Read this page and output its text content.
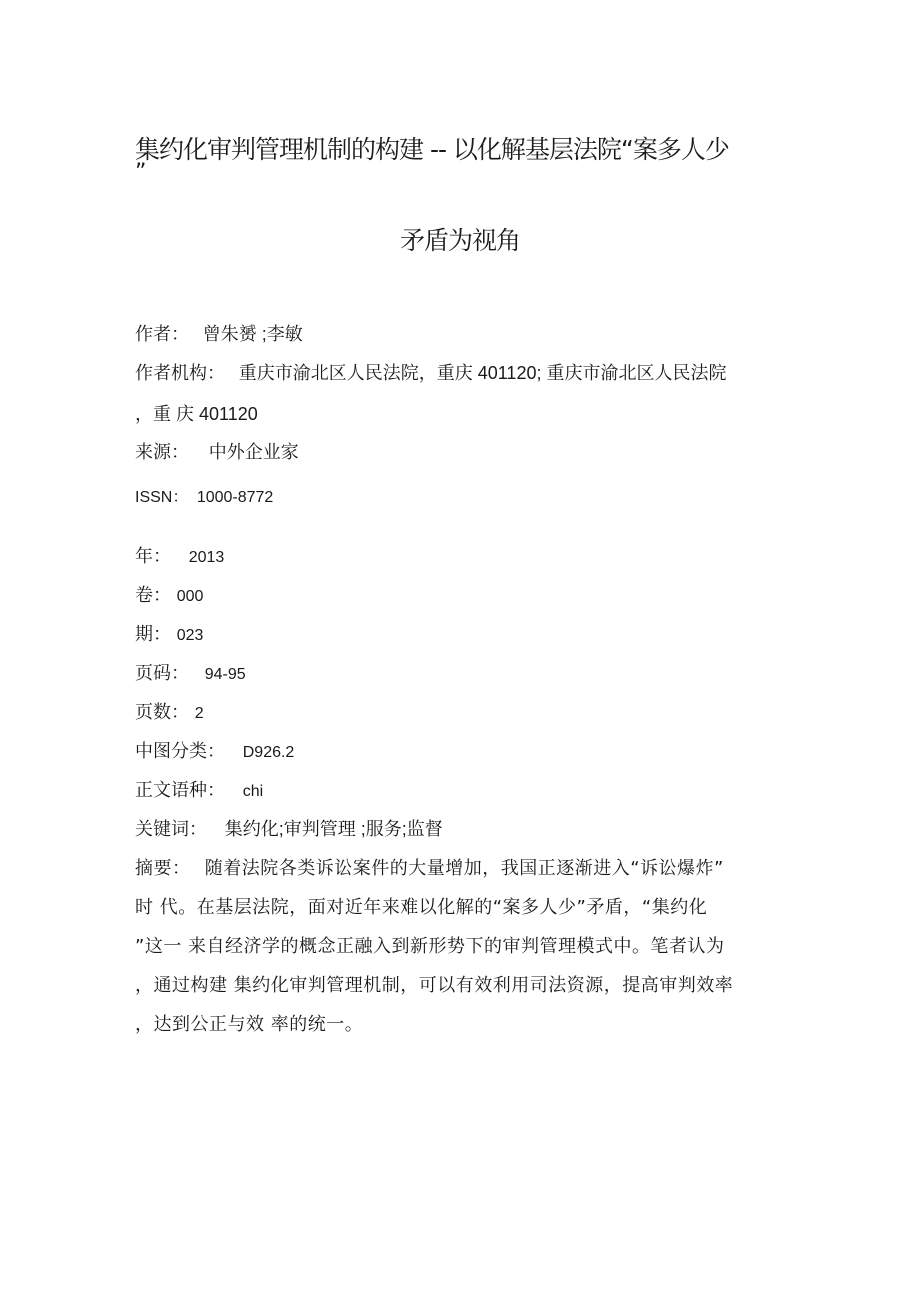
集约化审判管理机制的构建 -- 以化解基层法院“案多人少
”
矛盾为视角
作者： 曾朱赟 ;李敏
作者机构： 重庆市渝北区人民法院，重庆 401120; 重庆市渝北区人民法院
，重 庆 401120
来源： 中外企业家
ISSN： 1000-8772
年： 2013
卷： 000
期： 023
页码： 94-95
页数： 2
中图分类： D926.2
正文语种： chi
关键词： 集约化;审判管理 ;服务;监督
摘要： 随着法院各类诉讼案件的大量增加，我国正逐渐进入“诉讼爆炸”
时 代。在基层法院，面对近年来难以化解的“案多人少”矛盾，“集约化
”这一 来自经济学的概念正融入到新形势下的审判管理模式中。笔者认为
，通过构建 集约化审判管理机制，可以有效利用司法资源，提高审判效率
，达到公正与效 率的统一。
